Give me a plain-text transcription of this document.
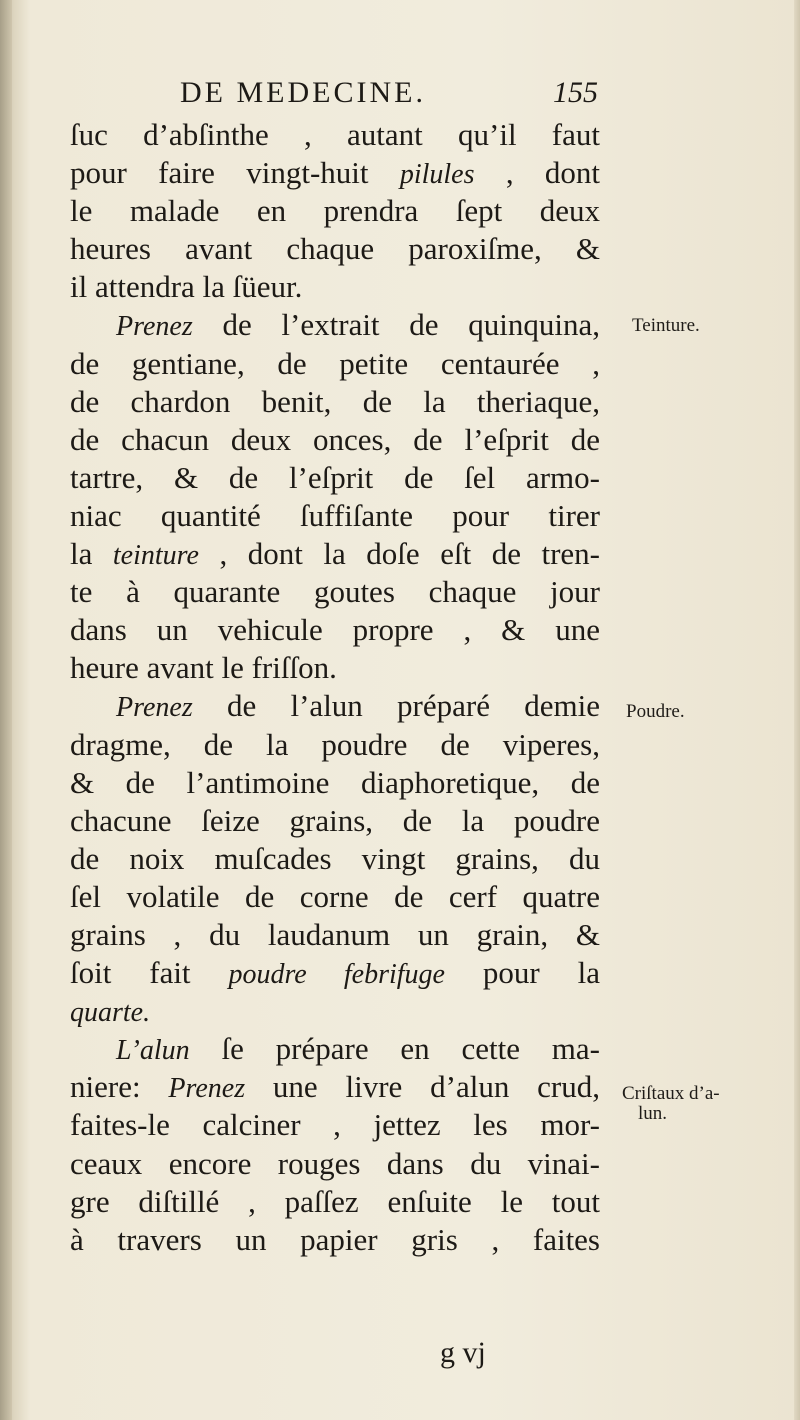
DE MEDECINE.	155
ſuc d’abſinthe , autant qu’il faut
pour faire vingt-huit pilules , dont
le malade en prendra ſept deux
heures avant chaque paroxiſme, &
il attendra la ſüeur.
Prenez de l’extrait de quinquina,
de gentiane, de petite centaurée ,
de chardon benit, de la theriaque,
de chacun deux onces, de l’eſprit de
tartre, & de l’eſprit de ſel armo-
niac quantité ſuffiſante pour tirer
la teinture , dont la doſe eſt de tren-
te à quarante goutes chaque jour
dans un vehicule propre , & une
heure avant le friſſon.
Prenez de l’alun préparé demie
dragme, de la poudre de viperes,
& de l’antimoine diaphoretique, de
chacune ſeize grains, de la poudre
de noix muſcades vingt grains, du
ſel volatile de corne de cerf quatre
grains , du laudanum un grain, &
ſoit fait poudre febrifuge pour la
quarte.
L’alun ſe prépare en cette ma-
niere: Prenez une livre d’alun crud,
faites-le calciner , jettez les mor-
ceaux encore rouges dans du vinai-
gre diſtillé , paſſez enſuite le tout
à travers un papier gris , faites
Teinture.
Poudre.
Criſtaux d’a-
lun.
g vj
